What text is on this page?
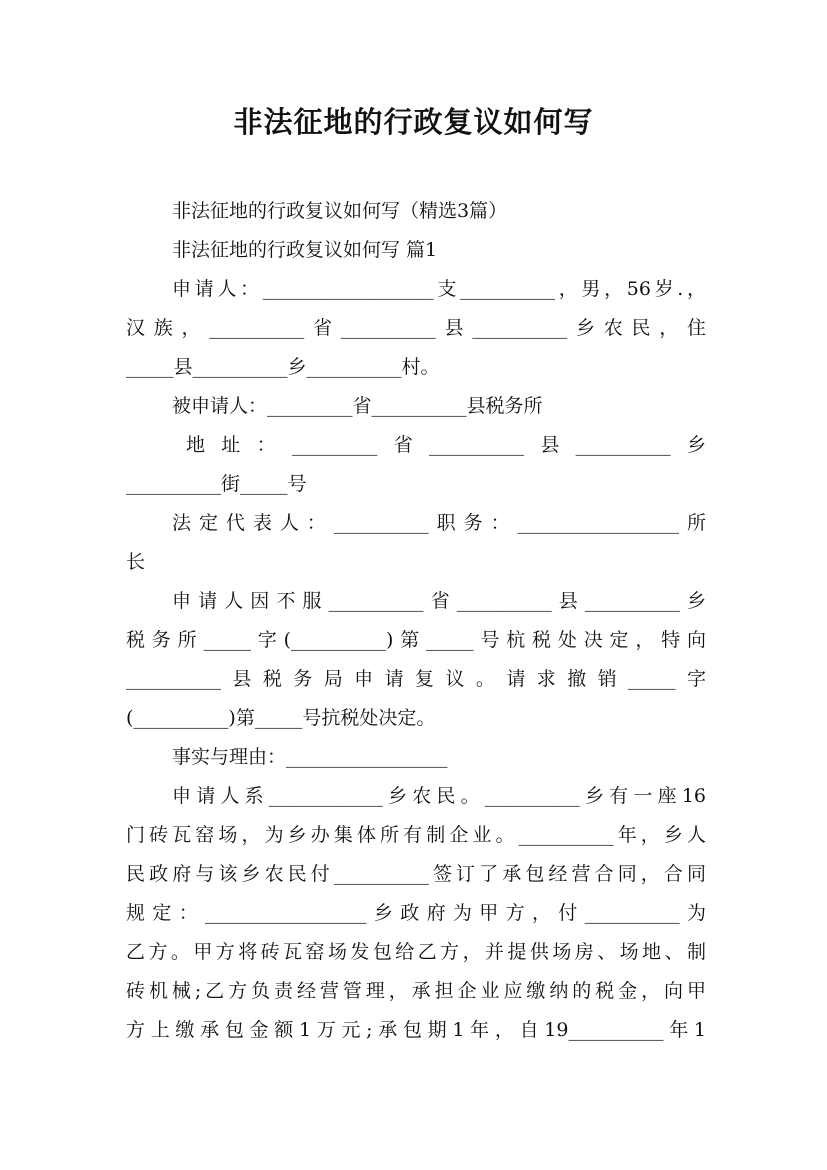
非法征地的行政复议如何写
非法征地的行政复议如何写（精选3篇）
非法征地的行政复议如何写 篇1
申请人：__________________支__________，男，56岁.，
汉族，__________省__________县__________乡农民，住
_____县__________乡__________村。
被申请人：_________省__________县税务所
地址：_________省__________县__________乡
__________街_____号
法定代表人：__________职务：_________________所
长
申请人因不服__________省__________县__________乡
税务所_____字(__________)第_____号杭税处决定，特向
__________县税务局申请复议。请求撤销_____字
(__________)第_____号抗税处决定。
事实与理由：_________________
申请人系____________乡农民。__________乡有一座16
门砖瓦窑场，为乡办集体所有制企业。__________年，乡人
民政府与该乡农民付__________签订了承包经营合同，合同
规定：_________________乡政府为甲方，付__________为
乙方。甲方将砖瓦窑场发包给乙方，并提供场房、场地、制
砖机械;乙方负责经营管理，承担企业应缴纳的税金，向甲
方上缴承包金额1万元;承包期1年，自19__________年1
